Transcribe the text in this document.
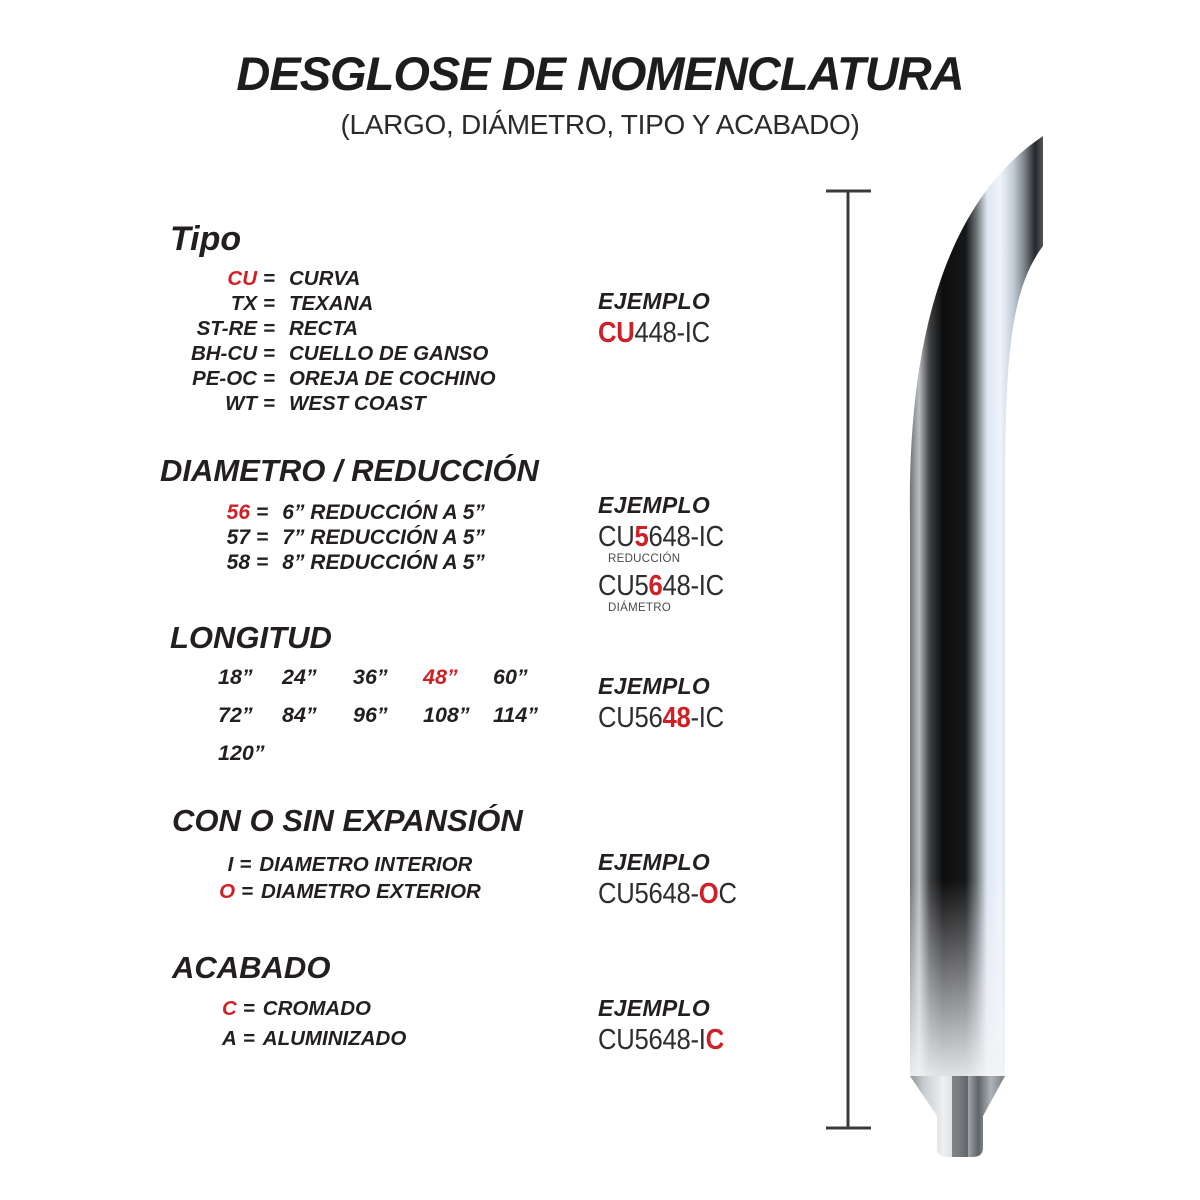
DESGLOSE DE NOMENCLATURA
(LARGO, DIÁMETRO, TIPO Y ACABADO)
Tipo
CU = CURVA
TX = TEXANA
ST-RE = RECTA
BH-CU = CUELLO DE GANSO
PE-OC = OREJA DE COCHINO
WT = WEST COAST
DIAMETRO / REDUCCIÓN
56 = 6” REDUCCIÓN A 5”
57 = 7” REDUCCIÓN A 5”
58 = 8” REDUCCIÓN A 5”
LONGITUD
18”	24”	36”	48”	60”
72”	84”	96”	108”	114”
120”
CON O SIN EXPANSIÓN
I = DIAMETRO INTERIOR
O = DIAMETRO EXTERIOR
ACABADO
C = CROMADO
A = ALUMINIZADO
EJEMPLO
CU448-IC
EJEMPLO
CU5648-IC
REDUCCIÓN
CU5648-IC
DIÁMETRO
EJEMPLO
CU5648-IC
EJEMPLO
CU5648-OC
EJEMPLO
CU5648-IC
